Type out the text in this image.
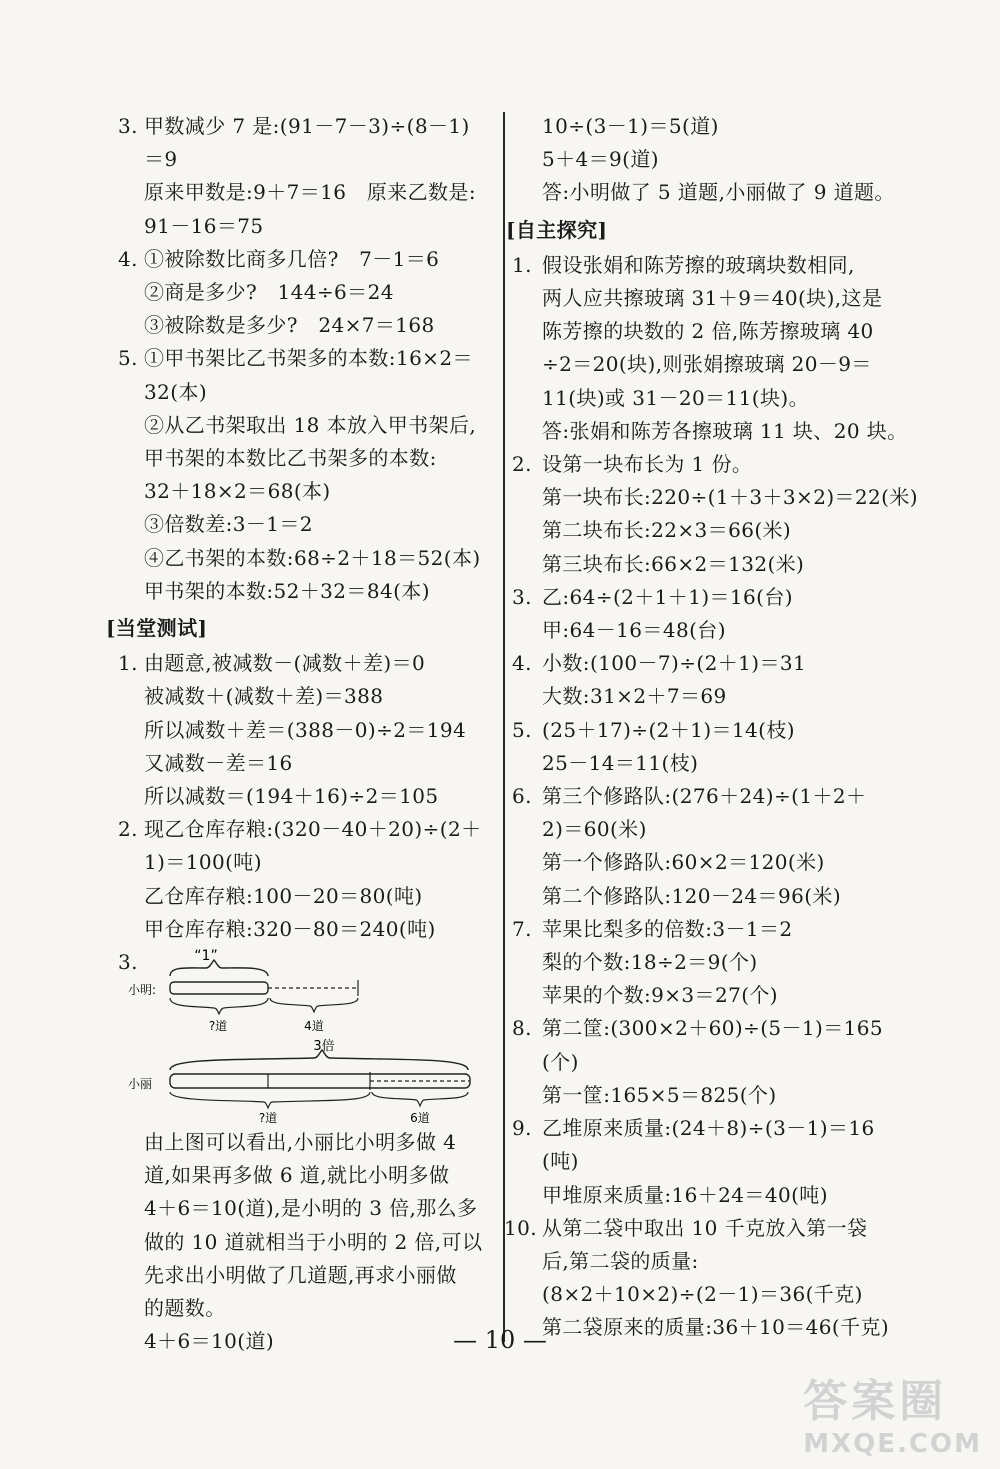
3. 甲数减少 7 是:(91－7－3)÷(8－1)
＝9
原来甲数是:9＋7＝16　原来乙数是:
91－16＝75
4. ①被除数比商多几倍?　7－1＝6
②商是多少?　144÷6＝24
③被除数是多少?　24×7＝168
5. ①甲书架比乙书架多的本数:16×2＝
32(本)
②从乙书架取出 18 本放入甲书架后,
甲书架的本数比乙书架多的本数:
32＋18×2＝68(本)
③倍数差:3－1＝2
④乙书架的本数:68÷2＋18＝52(本)
甲书架的本数:52＋32＝84(本)
[当堂测试]
1. 由题意,被减数－(减数＋差)＝0
被减数＋(减数＋差)＝388
所以减数＋差＝(388－0)÷2＝194
又减数－差＝16
所以减数＝(194＋16)÷2＝105
2. 现乙仓库存粮:(320－40＋20)÷(2＋
1)＝100(吨)
乙仓库存粮:100－20＝80(吨)
甲仓库存粮:320－80＝240(吨)
3.	“1”
小明:
?道	4道
3倍
小丽
?道	6道
由上图可以看出,小丽比小明多做 4
道,如果再多做 6 道,就比小明多做
4＋6＝10(道),是小明的 3 倍,那么多
做的 10 道就相当于小明的 2 倍,可以
先求出小明做了几道题,再求小丽做
的题数。
4＋6＝10(道)
10÷(3－1)＝5(道)
5＋4＝9(道)
答:小明做了 5 道题,小丽做了 9 道题。
[自主探究]
1. 假设张娟和陈芳擦的玻璃块数相同,
两人应共擦玻璃 31＋9＝40(块),这是
陈芳擦的块数的 2 倍,陈芳擦玻璃 40
÷2＝20(块),则张娟擦玻璃 20－9＝
11(块)或 31－20＝11(块)。
答:张娟和陈芳各擦玻璃 11 块、20 块。
2. 设第一块布长为 1 份。
第一块布长:220÷(1＋3＋3×2)＝22(米)
第二块布长:22×3＝66(米)
第三块布长:66×2＝132(米)
3. 乙:64÷(2＋1＋1)＝16(台)
甲:64－16＝48(台)
4. 小数:(100－7)÷(2＋1)＝31
大数:31×2＋7＝69
5. (25＋17)÷(2＋1)＝14(枝)
25－14＝11(枝)
6. 第三个修路队:(276＋24)÷(1＋2＋
2)＝60(米)
第一个修路队:60×2＝120(米)
第二个修路队:120－24＝96(米)
7. 苹果比梨多的倍数:3－1＝2
梨的个数:18÷2＝9(个)
苹果的个数:9×3＝27(个)
8. 第二筐:(300×2＋60)÷(5－1)＝165
(个)
第一筐:165×5＝825(个)
9. 乙堆原来质量:(24＋8)÷(3－1)＝16
(吨)
甲堆原来质量:16＋24＝40(吨)
10. 从第二袋中取出 10 千克放入第一袋
后,第二袋的质量:
(8×2＋10×2)÷(2－1)＝36(千克)
第二袋原来的质量:36＋10＝46(千克)
— 10 —
答案圈
MXQE.COM
